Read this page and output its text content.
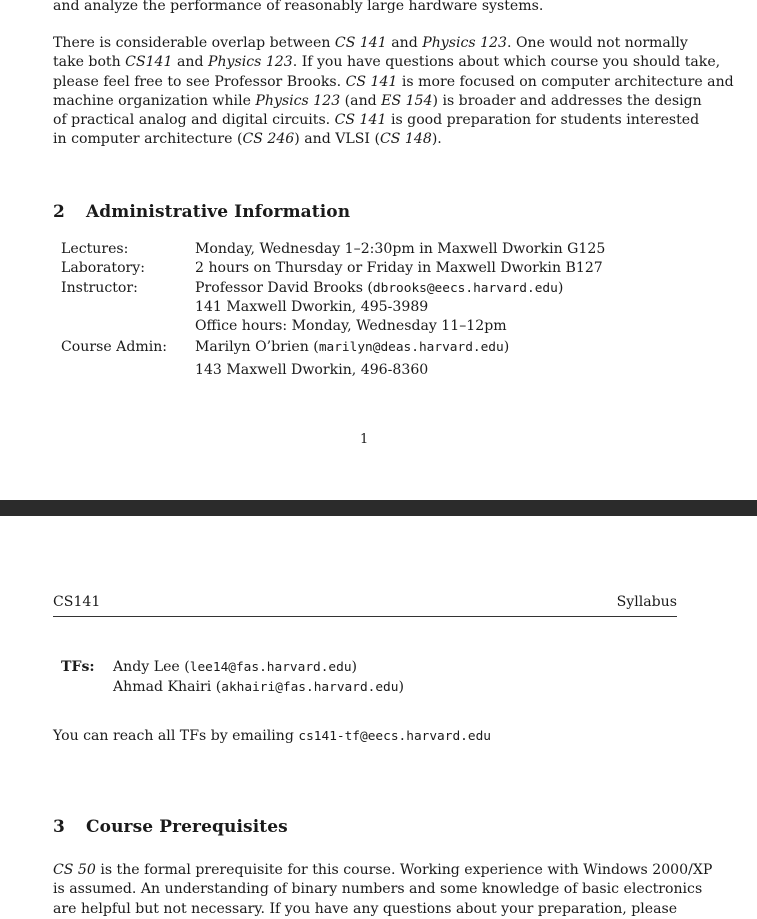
and analyze the performance of reasonably large hardware systems.

There is considerable overlap between CS 141 and Physics 123. One would not normally
take both CS141 and Physics 123. If you have questions about which course you should take,
please feel free to see Professor Brooks. CS 141 is more focused on computer architecture and
machine organization while Physics 123 (and ES 154) is broader and addresses the design
of practical analog and digital circuits. CS 141 is good preparation for students interested
in computer architecture (CS 246) and VLSI (CS 148).

2 Administrative Information
Lectures:	Monday, Wednesday 1–2:30pm in Maxwell Dworkin G125
Laboratory:	2 hours on Thursday or Friday in Maxwell Dworkin B127
Instructor:	Professor David Brooks (dbrooks@eecs.harvard.edu)
141 Maxwell Dworkin, 495-3989
Office hours: Monday, Wednesday 11–12pm
Course Admin: Marilyn O’brien (marilyn@deas.harvard.edu)
143 Maxwell Dworkin, 496-8360
1
CS141	Syllabus
TFs: Andy Lee (lee14@fas.harvard.edu)
Ahmad Khairi (akhairi@fas.harvard.edu)

You can reach all TFs by emailing cs141-tf@eecs.harvard.edu

3 Course Prerequisites

CS 50 is the formal prerequisite for this course. Working experience with Windows 2000/XP
is assumed. An understanding of binary numbers and some knowledge of basic electronics
are helpful but not necessary. If you have any questions about your preparation, please
